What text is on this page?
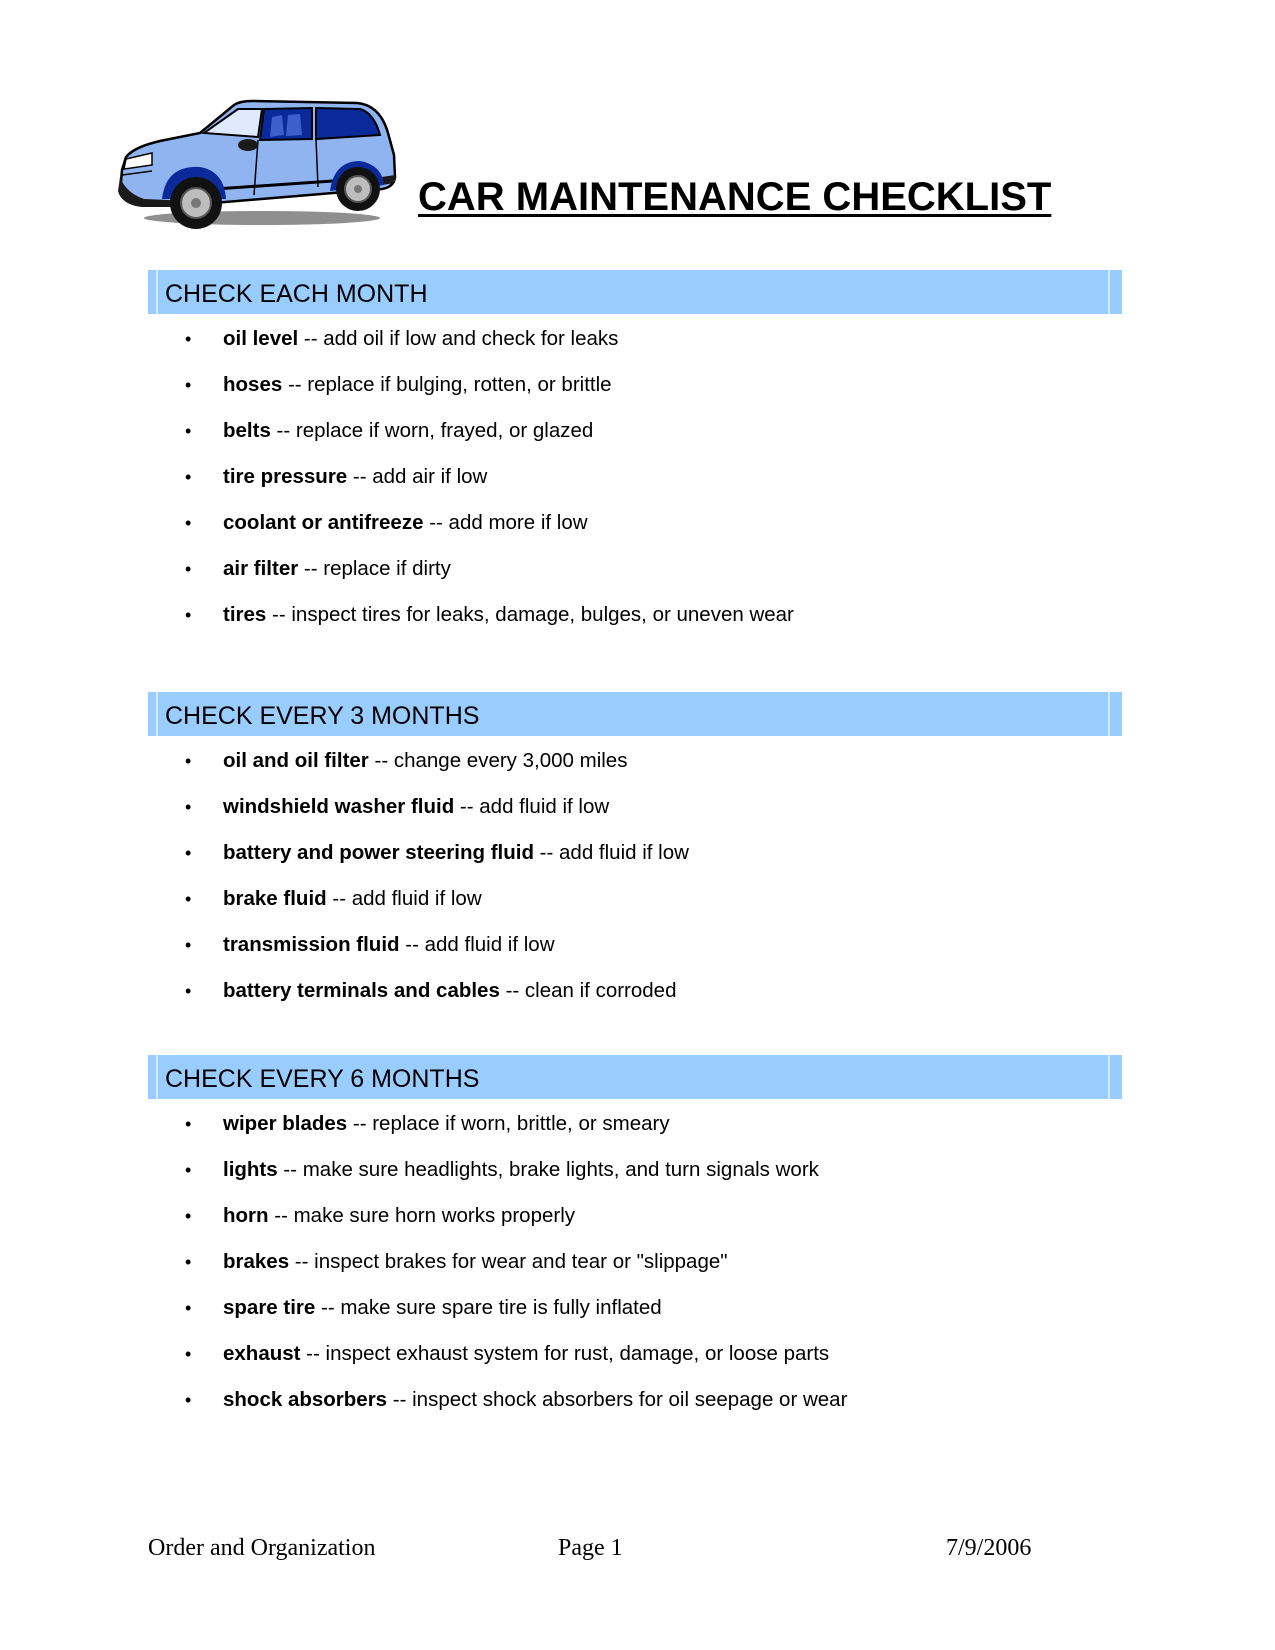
CAR MAINTENANCE CHECKLIST
CHECK EACH MONTH
• oil level -- add oil if low and check for leaks
• hoses -- replace if bulging, rotten, or brittle
• belts -- replace if worn, frayed, or glazed
• tire pressure -- add air if low
• coolant or antifreeze -- add more if low
• air filter -- replace if dirty
• tires -- inspect tires for leaks, damage, bulges, or uneven wear
CHECK EVERY 3 MONTHS
• oil and oil filter -- change every 3,000 miles
• windshield washer fluid -- add fluid if low
• battery and power steering fluid -- add fluid if low
• brake fluid -- add fluid if low
• transmission fluid -- add fluid if low
• battery terminals and cables -- clean if corroded
CHECK EVERY 6 MONTHS
• wiper blades -- replace if worn, brittle, or smeary
• lights -- make sure headlights, brake lights, and turn signals work
• horn -- make sure horn works properly
• brakes -- inspect brakes for wear and tear or "slippage"
• spare tire -- make sure spare tire is fully inflated
• exhaust -- inspect exhaust system for rust, damage, or loose parts
• shock absorbers -- inspect shock absorbers for oil seepage or wear
Order and Organization	Page 1	7/9/2006
